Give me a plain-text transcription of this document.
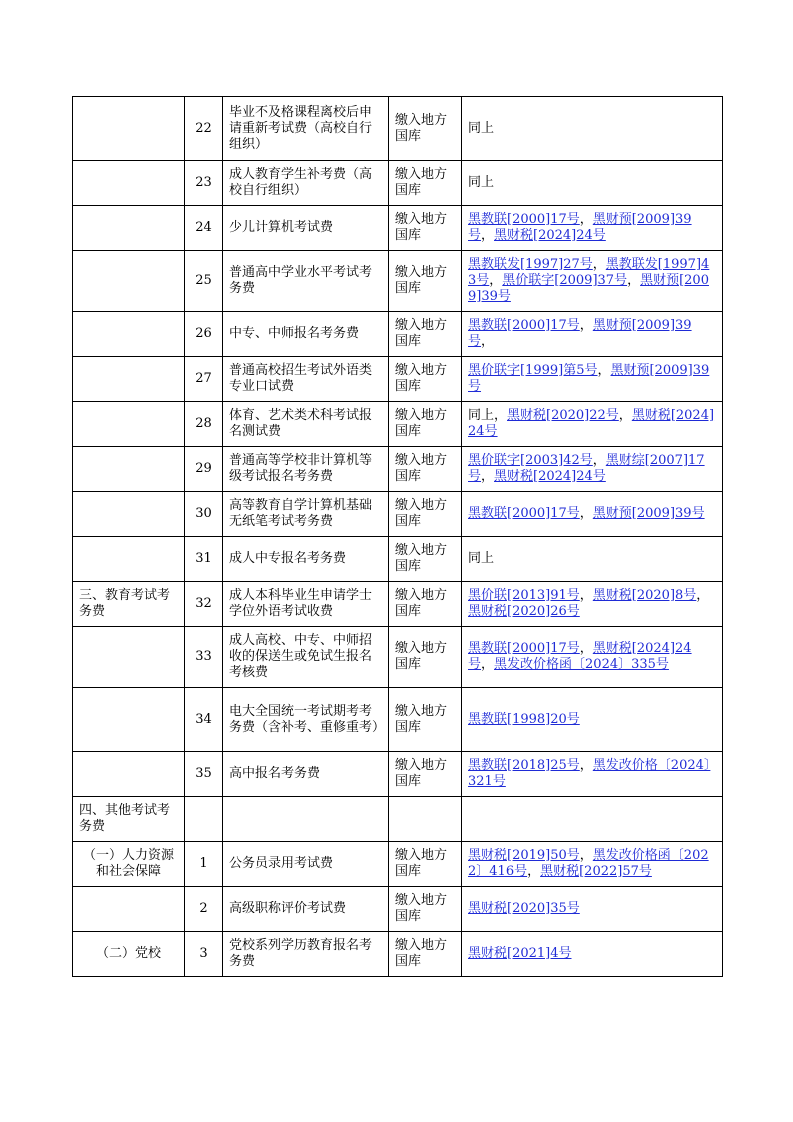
	22	毕业不及格课程离校后申请重新考试费（高校自行组织）	缴入地方国库	同上
	23	成人教育学生补考费（高校自行组织）	缴入地方国库	同上
	24	少儿计算机考试费	缴入地方国库	黑教联[2000]17号，黑财预[2009]39号，黑财税[2024]24号
	25	普通高中学业水平考试考务费	缴入地方国库	黑教联发[1997]27号，黑教联发[1997]43号，黑价联字[2009]37号，黑财预[2009]39号
	26	中专、中师报名考务费	缴入地方国库	黑教联[2000]17号，黑财预[2009]39号，
	27	普通高校招生考试外语类专业口试费	缴入地方国库	黑价联字[1999]第5号，黑财预[2009]39号
	28	体育、艺术类术科考试报名测试费	缴入地方国库	同上，黑财税[2020]22号，黑财税[2024]24号
	29	普通高等学校非计算机等级考试报名考务费	缴入地方国库	黑价联字[2003]42号，黑财综[2007]17号，黑财税[2024]24号
	30	高等教育自学计算机基础无纸笔考试考务费	缴入地方国库	黑教联[2000]17号，黑财预[2009]39号
	31	成人中专报名考务费	缴入地方国库	同上
三、教育考试考务费	32	成人本科毕业生申请学士学位外语考试收费	缴入地方国库	黑价联[2013]91号，黑财税[2020]8号，黑财税[2020]26号
	33	成人高校、中专、中师招收的保送生或免试生报名考核费	缴入地方国库	黑教联[2000]17号，黑财税[2024]24号，黑发改价格函〔2024〕335号
	34	电大全国统一考试期考考务费（含补考、重修重考）	缴入地方国库	黑教联[1998]20号
	35	高中报名考务费	缴入地方国库	黑教联[2018]25号，黑发改价格〔2024〕321号
四、其他考试考务费				
（一）人力资源和社会保障	1	公务员录用考试费	缴入地方国库	黑财税[2019]50号，黑发改价格函〔2022〕416号，黑财税[2022]57号
	2	高级职称评价考试费	缴入地方国库	黑财税[2020]35号
（二）党校	3	党校系列学历教育报名考务费	缴入地方国库	黑财税[2021]4号
